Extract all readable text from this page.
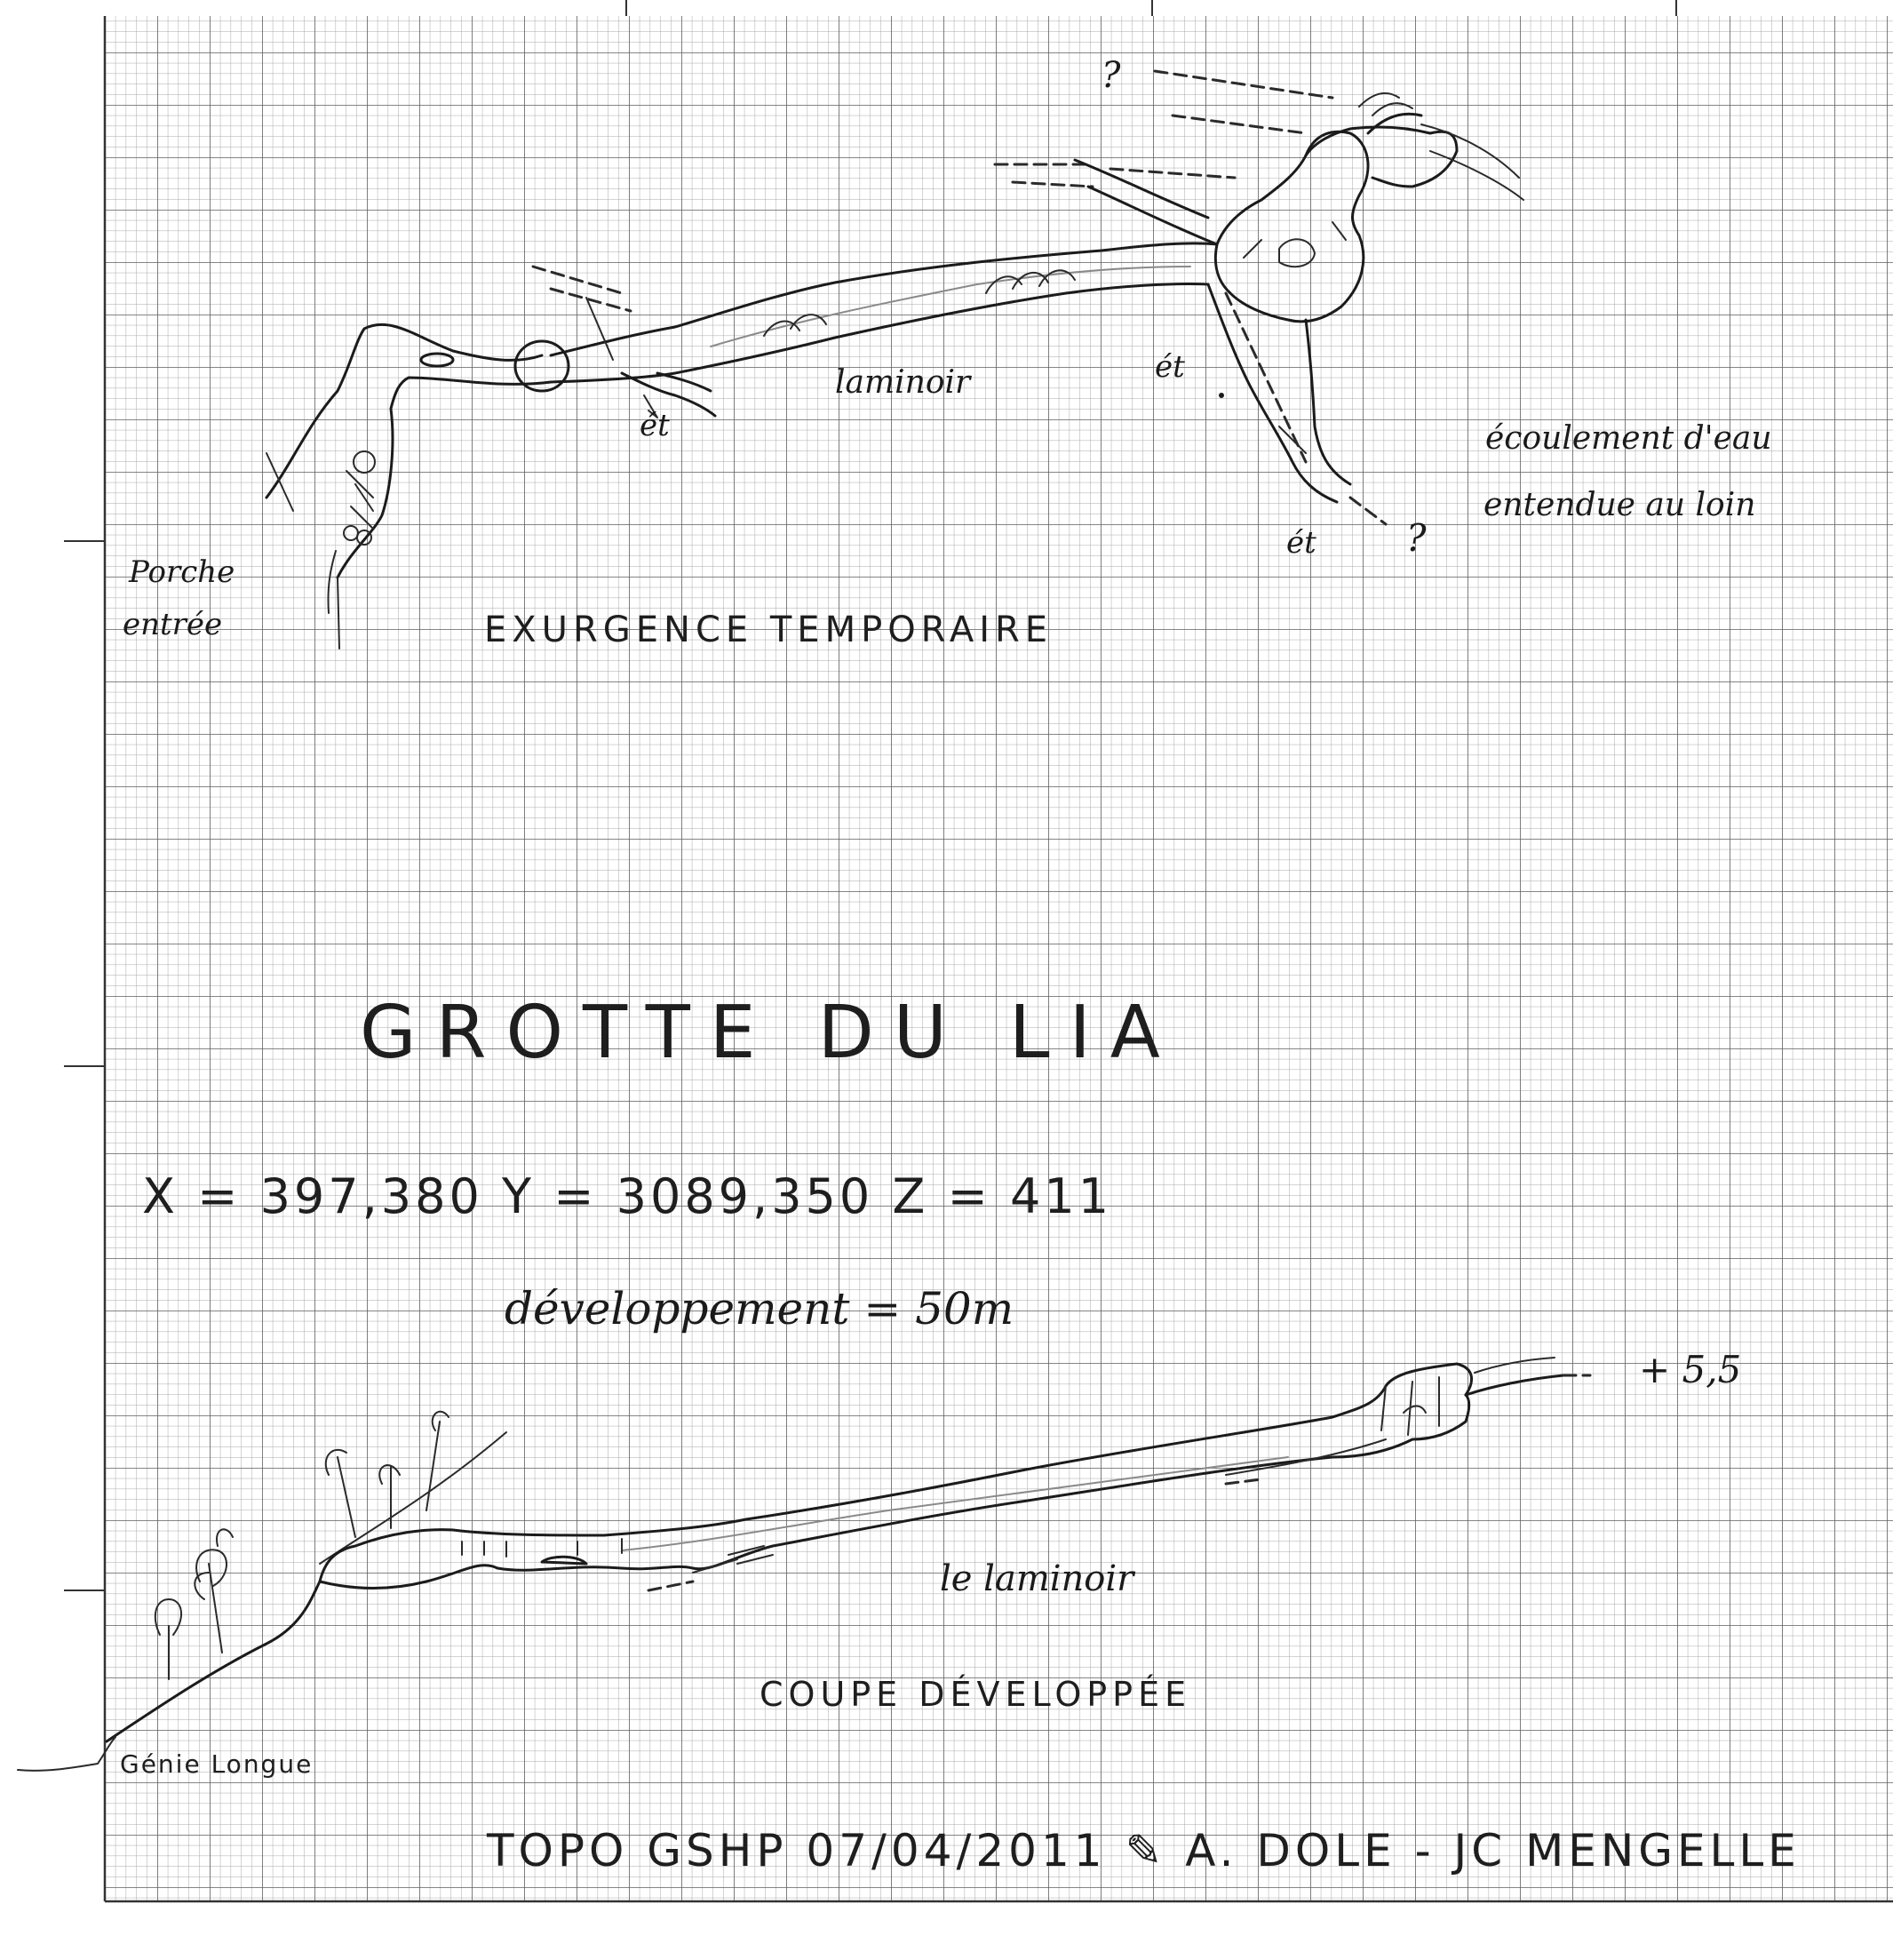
Porche
entrée
laminoir
ét
ét
ét
?
?
écoulement d'eau
entendue au loin
EXURGENCE TEMPORAIRE
GROTTE DU LIA
X = 397,380 Y = 3089,350 Z = 411
développement = 50m
+ 5,5
le laminoir
COUPE DÉVELOPPÉE
Génie Longue
TOPO GSHP 07/04/2011 ✎ A. DOLE - JC MENGELLE
